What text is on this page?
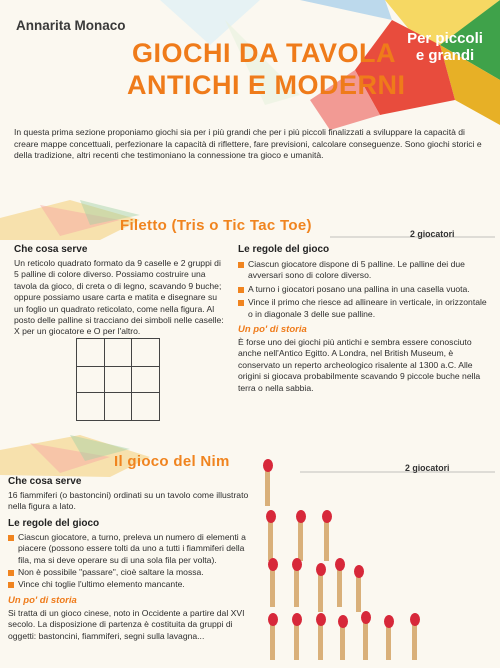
Annarita Monaco
GIOCHI DA TAVOLA
ANTICHI E MODERNI
Per piccoli
e grandi
In questa prima sezione proponiamo giochi sia per i più grandi che per i più piccoli finalizzati a sviluppare la capacità di creare mappe concettuali, perfezionare la capacità di riflettere, fare previsioni, calcolare conseguenze. Sono giochi storici e della tradizione, altri recenti che testimoniano la connessione tra gioco e umanità.
Filetto (Tris o Tic Tac Toe)	2 giocatori
Che cosa serve
Un reticolo quadrato formato da 9 caselle e 2 gruppi di 5 palline di colore diverso. Possiamo costruire una tavola da gioco, di creta o di legno, scavando 9 buche; oppure possiamo usare carta e matita e disegnare su un foglio un quadrato reticolato, come nella figura. Al posto delle palline si tracciano dei simboli nelle caselle: X per un giocatore e O per l'altro.
Le regole del gioco
Ciascun giocatore dispone di 5 palline. Le palline dei due avversari sono di colore diverso.
A turno i giocatori posano una pallina in una casella vuota.
Vince il primo che riesce ad allineare in verticale, in orizzontale o in diagonale 3 delle sue palline.
Un po' di storia
È forse uno dei giochi più antichi e sembra essere conosciuto anche nell'Antico Egitto. A Londra, nel British Museum, è conservato un reperto archeologico risalente al 1300 a.C. Alle origini si giocava probabilmente scavando 9 piccole buche nella terra o nella sabbia.
Il gioco del Nim	2 giocatori
Che cosa serve
16 fiammiferi (o bastoncini) ordinati su un tavolo come illustrato nella figura a lato.
Le regole del gioco
Ciascun giocatore, a turno, preleva un numero di elementi a piacere (possono essere tolti da uno a tutti i fiammiferi della fila, ma si deve operare su di una sola fila per volta).
Non è possibile "passare", cioè saltare la mossa.
Vince chi toglie l'ultimo elemento mancante.
Un po' di storia
Si tratta di un gioco cinese, noto in Occidente a partire dal XVI secolo. La disposizione di partenza è costituita da gruppi di oggetti: bastoncini, fiammiferi, segni sulla lavagna...
